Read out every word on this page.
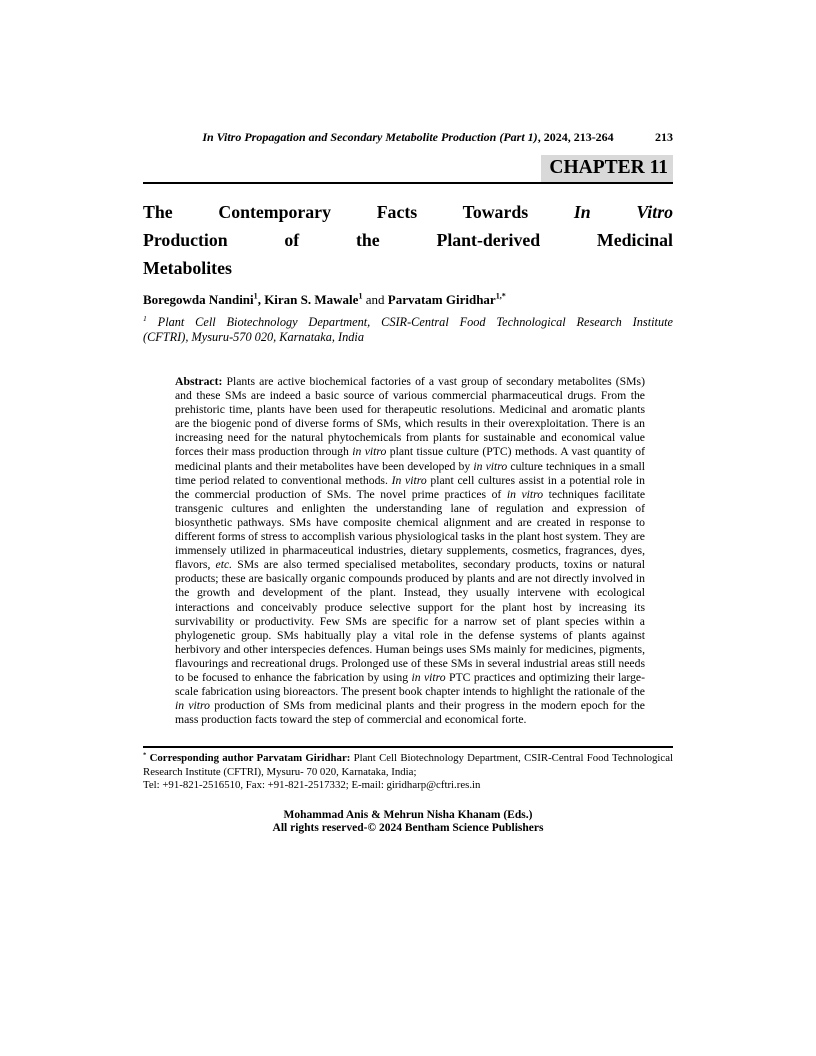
In Vitro Propagation and Secondary Metabolite Production (Part 1), 2024, 213-264	213
CHAPTER 11
The Contemporary Facts Towards In Vitro
Production of the Plant-derived Medicinal
Metabolites
Boregowda Nandini$^1$, Kiran S. Mawale$^1$ and Parvatam Giridhar$^{1,*}$
$^1$ Plant Cell Biotechnology Department, CSIR-Central Food Technological Research Institute
(CFTRI), Mysuru-570 020, Karnataka, India

Abstract: Plants are active biochemical factories of a vast group of secondary metabolites (SMs) and these SMs are indeed a basic source of various commercial pharmaceutical drugs. From the prehistoric time, plants have been used for therapeutic resolutions. Medicinal and aromatic plants are the biogenic pond of diverse forms of SMs, which results in their overexploitation. There is an increasing need for the natural phytochemicals from plants for sustainable and economical value forces their mass production through in vitro plant tissue culture (PTC) methods. A vast quantity of medicinal plants and their metabolites have been developed by in vitro culture techniques in a small time period related to conventional methods. In vitro plant cell cultures assist in a potential role in the commercial production of SMs. The novel prime practices of in vitro techniques facilitate transgenic cultures and enlighten the understanding lane of regulation and expression of biosynthetic pathways. SMs have composite chemical alignment and are created in response to different forms of stress to accomplish various physiological tasks in the plant host system. They are immensely utilized in pharmaceutical industries, dietary supplements, cosmetics, fragrances, dyes, flavors, etc. SMs are also termed specialised metabolites, secondary products, toxins or natural products; these are basically organic compounds produced by plants and are not directly involved in the growth and development of the plant. Instead, they usually intervene with ecological interactions and conceivably produce selective support for the plant host by increasing its survivability or productivity. Few SMs are specific for a narrow set of plant species within a phylogenetic group. SMs habitually play a vital role in the defense systems of plants against herbivory and other interspecies defences. Human beings uses SMs mainly for medicines, pigments, flavourings and recreational drugs. Prolonged use of these SMs in several industrial areas still needs to be focused to enhance the fabrication by using in vitro PTC practices and optimizing their large-scale fabrication using bioreactors. The present book chapter intends to highlight the rationale of the in vitro production of SMs from medicinal plants and their progress in the modern epoch for the mass production facts toward the step of commercial and economical forte.

* Corresponding author Parvatam Giridhar: Plant Cell Biotechnology Department, CSIR-Central Food Technological Research Institute (CFTRI), Mysuru- 70 020, Karnataka, India;
Tel: +91-821-2516510, Fax: +91-821-2517332; E-mail: giridharp@cftri.res.in
Mohammad Anis & Mehrun Nisha Khanam (Eds.)
All rights reserved-© 2024 Bentham Science Publishers
